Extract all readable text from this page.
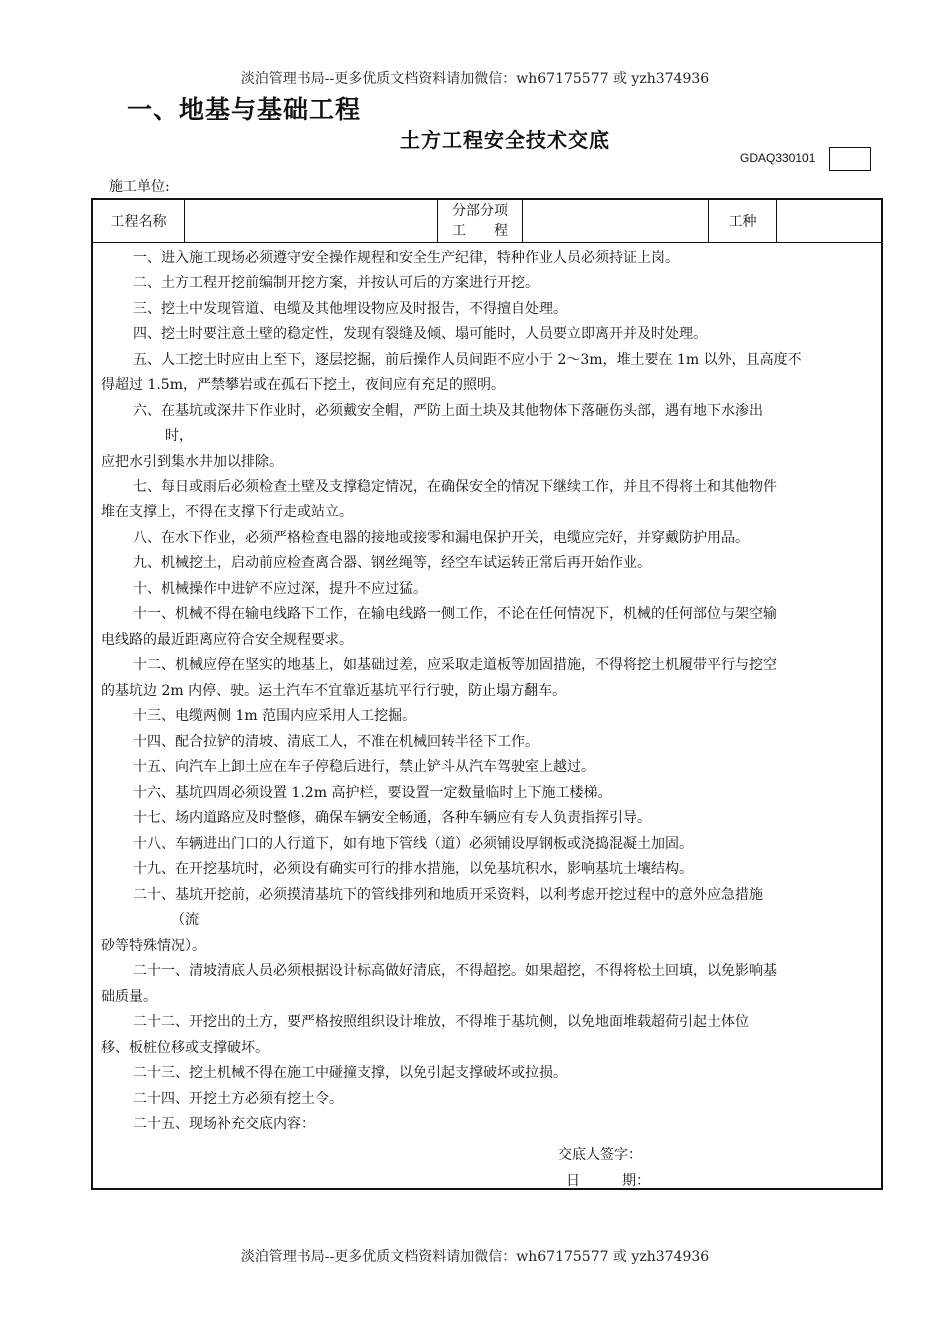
淡泊管理书局--更多优质文档资料请加微信：wh67175577 或 yzh374936
一、地基与基础工程
土方工程安全技术交底
GDAQ330101
施工单位:
工程名称
分部分项
工　　程
工种
一、进入施工现场必须遵守安全操作规程和安全生产纪律，特种作业人员必须持证上岗。
二、土方工程开挖前编制开挖方案，并按认可后的方案进行开挖。
三、挖土中发现管道、电缆及其他埋设物应及时报告，不得擅自处理。
四、挖土时要注意土壁的稳定性，发现有裂缝及倾、塌可能时，人员要立即离开并及时处理。
五、人工挖土时应由上至下，逐层挖掘，前后操作人员间距不应小于 2～3m，堆土要在 1m 以外，且高度不
得超过 1.5m，严禁攀岩或在孤石下挖土，夜间应有充足的照明。
六、在基坑或深井下作业时，必须戴安全帽，严防上面土块及其他物体下落砸伤头部，遇有地下水渗出
时，
应把水引到集水井加以排除。
七、每日或雨后必须检查土壁及支撑稳定情况，在确保安全的情况下继续工作，并且不得将土和其他物件
堆在支撑上，不得在支撑下行走或站立。
八、在水下作业，必须严格检查电器的接地或接零和漏电保护开关，电缆应完好，并穿戴防护用品。
九、机械挖土，启动前应检查离合器、钢丝绳等，经空车试运转正常后再开始作业。
十、机械操作中进铲不应过深，提升不应过猛。
十一、机械不得在输电线路下工作，在输电线路一侧工作，不论在任何情况下，机械的任何部位与架空输
电线路的最近距离应符合安全规程要求。
十二、机械应停在坚实的地基上，如基础过差，应采取走道板等加固措施，不得将挖土机履带平行与挖空
的基坑边 2m 内停、驶。运土汽车不宜靠近基坑平行行驶，防止塌方翻车。
十三、电缆两侧 1m 范围内应采用人工挖掘。
十四、配合拉铲的清坡、清底工人，不准在机械回转半径下工作。
十五、向汽车上卸土应在车子停稳后进行，禁止铲斗从汽车驾驶室上越过。
十六、基坑四周必须设置 1.2m 高护栏，要设置一定数量临时上下施工楼梯。
十七、场内道路应及时整修，确保车辆安全畅通，各种车辆应有专人负责指挥引导。
十八、车辆进出门口的人行道下，如有地下管线（道）必须铺设厚钢板或浇捣混凝土加固。
十九、在开挖基坑时，必须设有确实可行的排水措施，以免基坑积水，影响基坑土壤结构。
二十、基坑开挖前，必须摸清基坑下的管线排列和地质开采资料，以利考虑开挖过程中的意外应急措施
（流
砂等特殊情况）。
二十一、清坡清底人员必须根据设计标高做好清底，不得超挖。如果超挖，不得将松土回填，以免影响基
础质量。
二十二、开挖出的土方，要严格按照组织设计堆放，不得堆于基坑侧，以免地面堆载超荷引起土体位
移、板桩位移或支撑破坏。
二十三、挖土机械不得在施工中碰撞支撑，以免引起支撑破坏或拉损。
二十四、开挖土方必须有挖土令。
二十五、现场补充交底内容：
交底人签字：
日　　　期：
淡泊管理书局--更多优质文档资料请加微信：wh67175577 或 yzh374936
